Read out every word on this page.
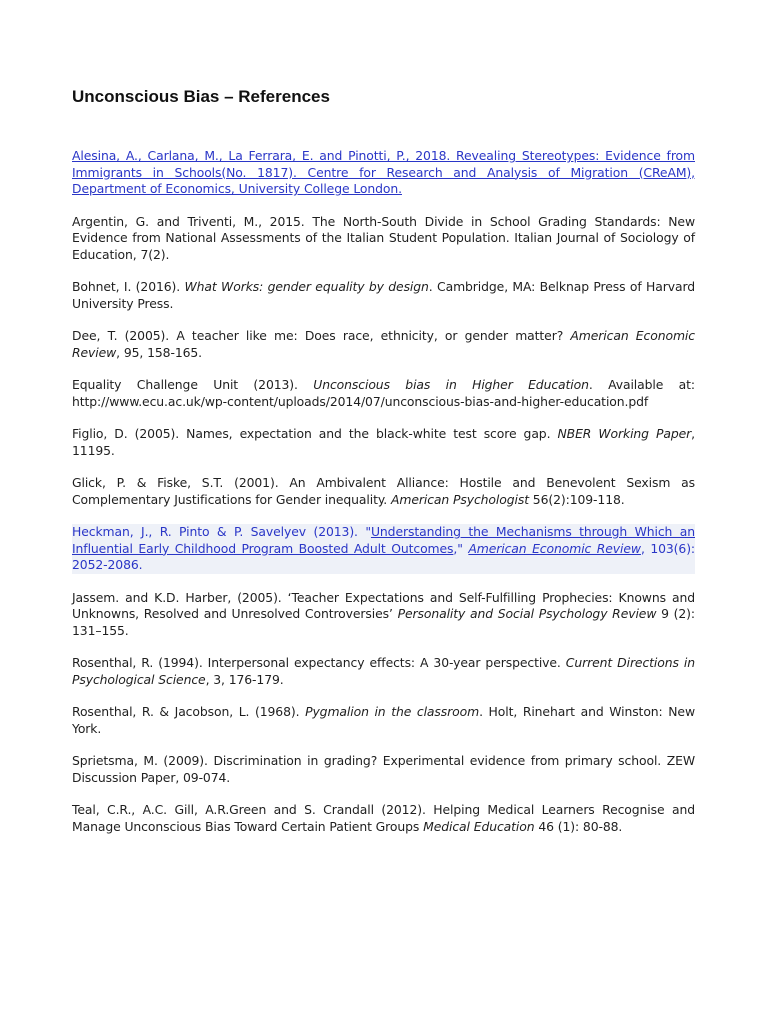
Unconscious Bias – References
Alesina, A., Carlana, M., La Ferrara, E. and Pinotti, P., 2018. Revealing Stereotypes: Evidence from Immigrants in Schools(No. 1817). Centre for Research and Analysis of Migration (CReAM), Department of Economics, University College London.
Argentin, G. and Triventi, M., 2015. The North-South Divide in School Grading Standards: New Evidence from National Assessments of the Italian Student Population. Italian Journal of Sociology of Education, 7(2).
Bohnet, I. (2016). What Works: gender equality by design. Cambridge, MA: Belknap Press of Harvard University Press.
Dee, T. (2005). A teacher like me: Does race, ethnicity, or gender matter? American Economic Review, 95, 158-165.
Equality Challenge Unit (2013). Unconscious bias in Higher Education. Available at: http://www.ecu.ac.uk/wp-content/uploads/2014/07/unconscious-bias-and-higher-education.pdf
Figlio, D. (2005). Names, expectation and the black-white test score gap. NBER Working Paper, 11195.
Glick, P. & Fiske, S.T. (2001). An Ambivalent Alliance: Hostile and Benevolent Sexism as Complementary Justifications for Gender inequality. American Psychologist 56(2):109-118.
Heckman, J., R. Pinto & P. Savelyev (2013). "Understanding the Mechanisms through Which an Influential Early Childhood Program Boosted Adult Outcomes," American Economic Review, 103(6): 2052-2086.
Jassem. and K.D. Harber, (2005). ‘Teacher Expectations and Self-Fulfilling Prophecies: Knowns and Unknowns, Resolved and Unresolved Controversies’ Personality and Social Psychology Review 9 (2): 131–155.
Rosenthal, R. (1994). Interpersonal expectancy effects: A 30-year perspective. Current Directions in Psychological Science, 3, 176-179.
Rosenthal, R. & Jacobson, L. (1968). Pygmalion in the classroom. Holt, Rinehart and Winston: New York.
Sprietsma, M. (2009). Discrimination in grading? Experimental evidence from primary school. ZEW Discussion Paper, 09-074.
Teal, C.R., A.C. Gill, A.R.Green and S. Crandall (2012). Helping Medical Learners Recognise and Manage Unconscious Bias Toward Certain Patient Groups Medical Education 46 (1): 80-88.
